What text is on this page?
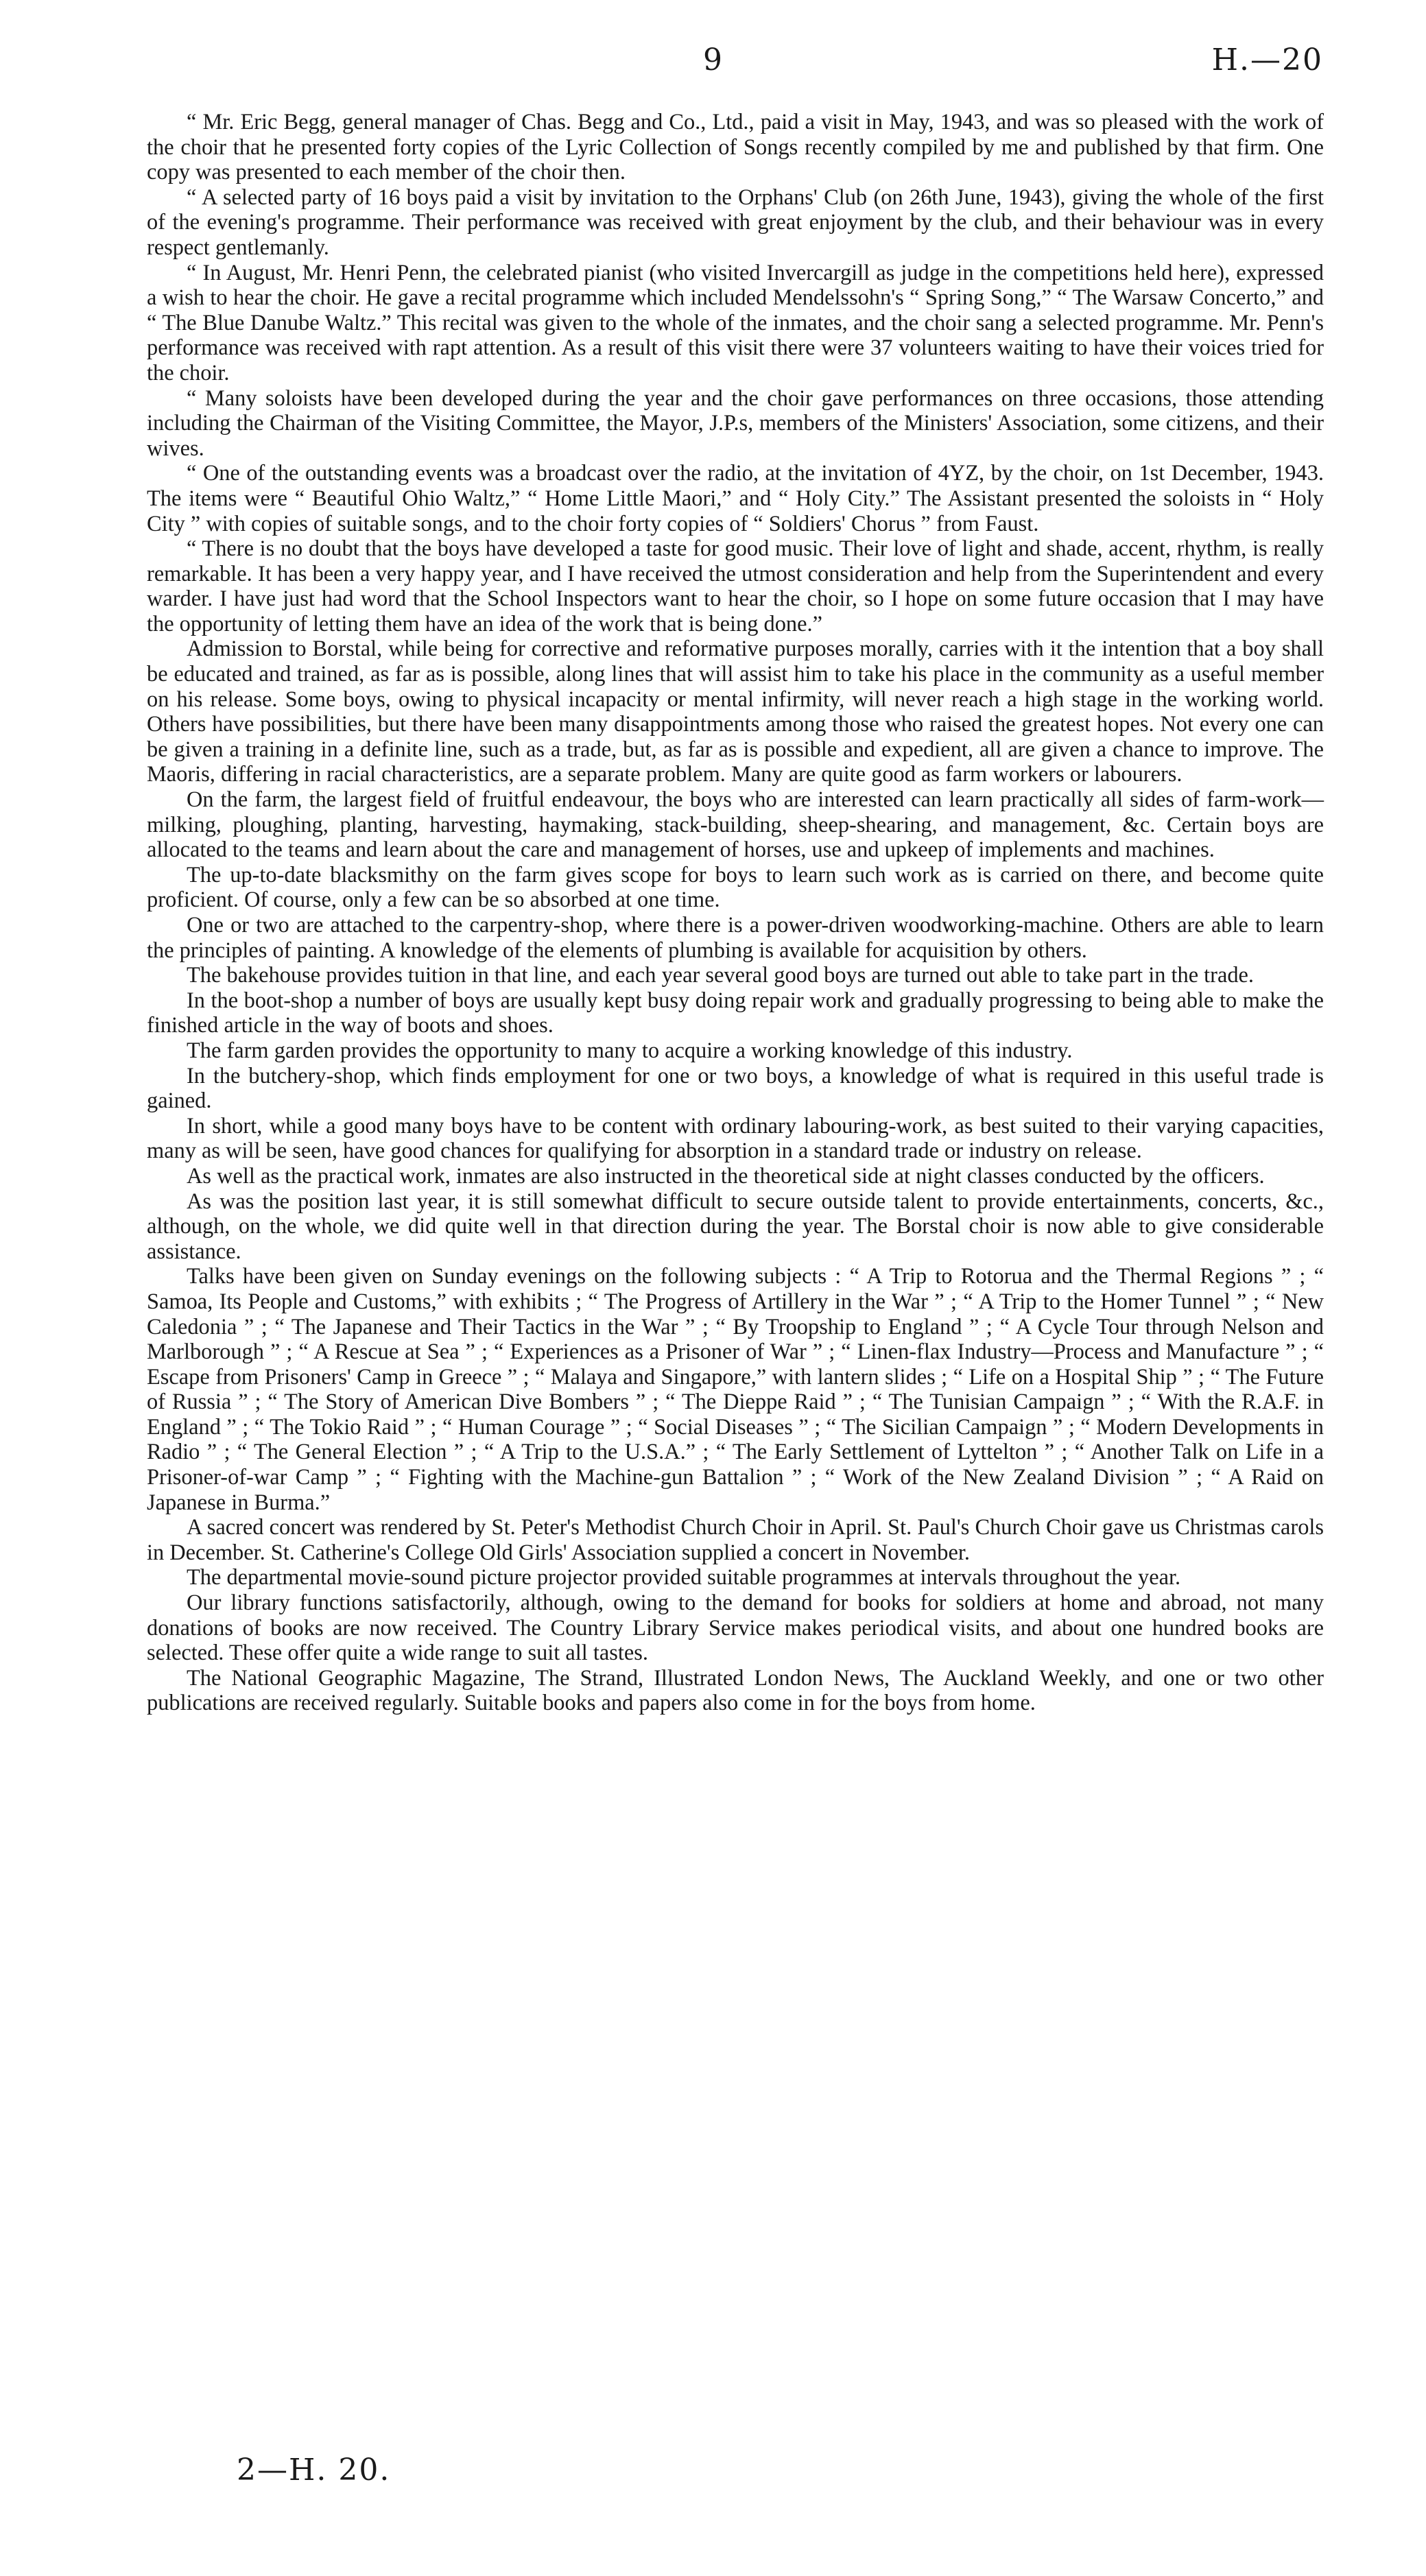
9	H.—20

“ Mr. Eric Begg, general manager of Chas. Begg and Co., Ltd., paid a visit in May, 1943, and was so pleased with the work of the choir that he presented forty copies of the Lyric Collection of Songs recently compiled by me and published by that firm. One copy was presented to each member of the choir then.

“ A selected party of 16 boys paid a visit by invitation to the Orphans' Club (on 26th June, 1943), giving the whole of the first of the evening's programme. Their performance was received with great enjoyment by the club, and their behaviour was in every respect gentlemanly.

“ In August, Mr. Henri Penn, the celebrated pianist (who visited Invercargill as judge in the competitions held here), expressed a wish to hear the choir. He gave a recital programme which included Mendelssohn's “ Spring Song,” “ The Warsaw Concerto,” and “ The Blue Danube Waltz.” This recital was given to the whole of the inmates, and the choir sang a selected programme. Mr. Penn's performance was received with rapt attention. As a result of this visit there were 37 volunteers waiting to have their voices tried for the choir.

“ Many soloists have been developed during the year and the choir gave performances on three occasions, those attending including the Chairman of the Visiting Committee, the Mayor, J.P.s, members of the Ministers' Association, some citizens, and their wives.

“ One of the outstanding events was a broadcast over the radio, at the invitation of 4YZ, by the choir, on 1st December, 1943. The items were “ Beautiful Ohio Waltz,” “ Home Little Maori,” and “ Holy City.” The Assistant presented the soloists in “ Holy City ” with copies of suitable songs, and to the choir forty copies of “ Soldiers' Chorus ” from Faust.

“ There is no doubt that the boys have developed a taste for good music. Their love of light and shade, accent, rhythm, is really remarkable. It has been a very happy year, and I have received the utmost consideration and help from the Superintendent and every warder. I have just had word that the School Inspectors want to hear the choir, so I hope on some future occasion that I may have the opportunity of letting them have an idea of the work that is being done.”

Admission to Borstal, while being for corrective and reformative purposes morally, carries with it the intention that a boy shall be educated and trained, as far as is possible, along lines that will assist him to take his place in the community as a useful member on his release. Some boys, owing to physical incapacity or mental infirmity, will never reach a high stage in the working world. Others have possibilities, but there have been many disappointments among those who raised the greatest hopes. Not every one can be given a training in a definite line, such as a trade, but, as far as is possible and expedient, all are given a chance to improve. The Maoris, differing in racial characteristics, are a separate problem. Many are quite good as farm workers or labourers.

On the farm, the largest field of fruitful endeavour, the boys who are interested can learn practically all sides of farm-work—milking, ploughing, planting, harvesting, haymaking, stack-building, sheep-shearing, and management, &c. Certain boys are allocated to the teams and learn about the care and management of horses, use and upkeep of implements and machines.

The up-to-date blacksmithy on the farm gives scope for boys to learn such work as is carried on there, and become quite proficient. Of course, only a few can be so absorbed at one time.

One or two are attached to the carpentry-shop, where there is a power-driven woodworking-machine. Others are able to learn the principles of painting. A knowledge of the elements of plumbing is available for acquisition by others.

The bakehouse provides tuition in that line, and each year several good boys are turned out able to take part in the trade.

In the boot-shop a number of boys are usually kept busy doing repair work and gradually progressing to being able to make the finished article in the way of boots and shoes.

The farm garden provides the opportunity to many to acquire a working knowledge of this industry.

In the butchery-shop, which finds employment for one or two boys, a knowledge of what is required in this useful trade is gained.

In short, while a good many boys have to be content with ordinary labouring-work, as best suited to their varying capacities, many as will be seen, have good chances for qualifying for absorption in a standard trade or industry on release.

As well as the practical work, inmates are also instructed in the theoretical side at night classes conducted by the officers.

As was the position last year, it is still somewhat difficult to secure outside talent to provide entertainments, concerts, &c., although, on the whole, we did quite well in that direction during the year. The Borstal choir is now able to give considerable assistance.

Talks have been given on Sunday evenings on the following subjects : “ A Trip to Rotorua and the Thermal Regions ” ; “ Samoa, Its People and Customs,” with exhibits ; “ The Progress of Artillery in the War ” ; “ A Trip to the Homer Tunnel ” ; “ New Caledonia ” ; “ The Japanese and Their Tactics in the War ” ; “ By Troopship to England ” ; “ A Cycle Tour through Nelson and Marlborough ” ; “ A Rescue at Sea ” ; “ Experiences as a Prisoner of War ” ; “ Linen-flax Industry—Process and Manufacture ” ; “ Escape from Prisoners' Camp in Greece ” ; “ Malaya and Singapore,” with lantern slides ; “ Life on a Hospital Ship ” ; “ The Future of Russia ” ; “ The Story of American Dive Bombers ” ; “ The Dieppe Raid ” ; “ The Tunisian Campaign ” ; “ With the R.A.F. in England ” ; “ The Tokio Raid ” ; “ Human Courage ” ; “ Social Diseases ” ; “ The Sicilian Campaign ” ; “ Modern Developments in Radio ” ; “ The General Election ” ; “ A Trip to the U.S.A.” ; “ The Early Settlement of Lyttelton ” ; “ Another Talk on Life in a Prisoner-of-war Camp ” ; “ Fighting with the Machine-gun Battalion ” ; “ Work of the New Zealand Division ” ; “ A Raid on Japanese in Burma.”

A sacred concert was rendered by St. Peter's Methodist Church Choir in April. St. Paul's Church Choir gave us Christmas carols in December. St. Catherine's College Old Girls' Association supplied a concert in November.

The departmental movie-sound picture projector provided suitable programmes at intervals throughout the year.

Our library functions satisfactorily, although, owing to the demand for books for soldiers at home and abroad, not many donations of books are now received. The Country Library Service makes periodical visits, and about one hundred books are selected. These offer quite a wide range to suit all tastes.

The National Geographic Magazine, The Strand, Illustrated London News, The Auckland Weekly, and one or two other publications are received regularly. Suitable books and papers also come in for the boys from home.

2—H. 20.
